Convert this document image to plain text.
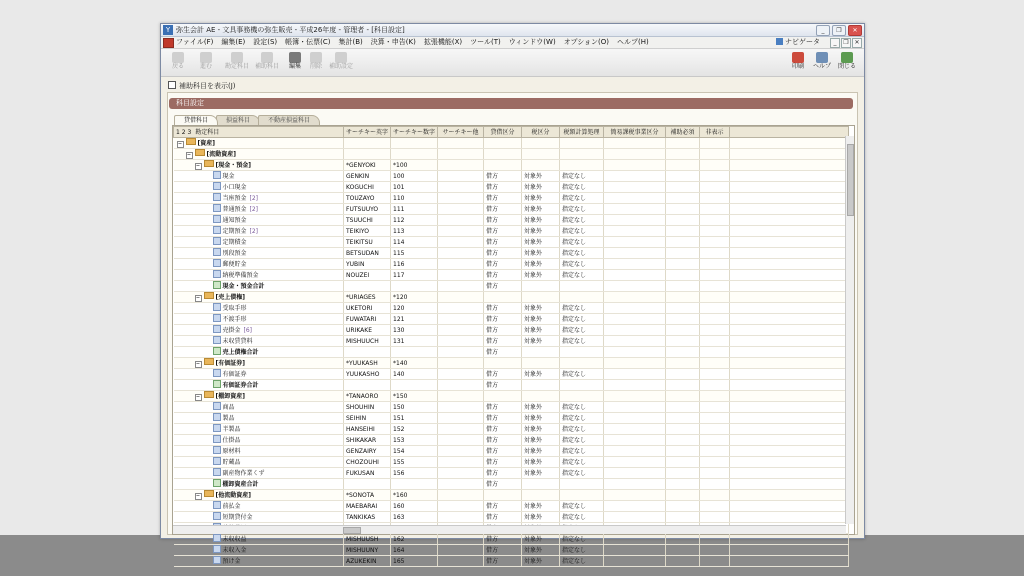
Y 弥生会計 AE - 文具事務機の弥生販売 - 平成26年度 - 管理者 - [科目設定]	_	❐	✕
ファイル(F) 編集(E) 設定(S) 帳簿・伝票(C) 集計(B) 決算・申告(K) 拡張機能(X) ツール(T) ウィンドウ(W) オプション(O) ヘルプ(H)	ナビゲータ	_	❐ ✕
戻る	進む	勘定科目 補助科目	編集	削除	補助設定	印刷	ヘルプ	閉じる
補助科目を表示(J)
科目設定
貸借科目	損益科目	不動産損益科目
1 2 3 勘定科目	サーチキー英字	サーチキー数字	サーチキー他	貸借区分	税区分	税額計算処理	簡易課税事業区分	補助必須	非表示	
− [資産]										
− [流動資産]										
− [現金・預金]	*GENYOKI	*100								
現金	GENKIN	100		借方	対象外	指定なし				
小口現金	KOGUCHI	101		借方	対象外	指定なし				
当座預金 [2]	TOUZAYO	110		借方	対象外	指定なし				
普通預金 [2]	FUTSUUYO	111		借方	対象外	指定なし				
通知預金	TSUUCHI	112		借方	対象外	指定なし				
定期預金 [2]	TEIKIYO	113		借方	対象外	指定なし				
定期積金	TEIKITSU	114		借方	対象外	指定なし				
別段預金	BETSUDAN	115		借方	対象外	指定なし				
郵便貯金	YUBIN	116		借方	対象外	指定なし				
納税準備預金	NOUZEI	117		借方	対象外	指定なし				
現金・預金合計				借方						
− [売上債権]	*URIAGES	*120								
受取手形	UKETORI	120		借方	対象外	指定なし				
不渡手形	FUWATARI	121		借方	対象外	指定なし				
売掛金 [6]	URIKAKE	130		借方	対象外	指定なし				
未収賃貸料	MISHUUCH	131		借方	対象外	指定なし				
売上債権合計				借方						
− [有価証券]	*YUUKASH	*140								
有価証券	YUUKASHO	140		借方	対象外	指定なし				
有価証券合計				借方						
− [棚卸資産]	*TANAORO	*150								
商品	SHOUHIN	150		借方	対象外	指定なし				
製品	SEIHIN	151		借方	対象外	指定なし				
半製品	HANSEIHI	152		借方	対象外	指定なし				
仕掛品	SHIKAKAR	153		借方	対象外	指定なし				
原材料	GENZAIRY	154		借方	対象外	指定なし				
貯蔵品	CHOZOUHI	155		借方	対象外	指定なし				
副産物作業くず	FUKUSAN	156		借方	対象外	指定なし				
棚卸資産合計				借方						
− [他流動資産]	*SONOTA	*160								
前払金	MAEBARAI	160		借方	対象外	指定なし				
短期貸付金	TANKIKAS	163		借方	対象外	指定なし				

未収収益	MISHUUSH	162		借方	対象外	指定なし				
未収入金	MISHUUNY	164		借方	対象外	指定なし				
預け金	AZUKEKIN	165		借方	対象外	指定なし				
